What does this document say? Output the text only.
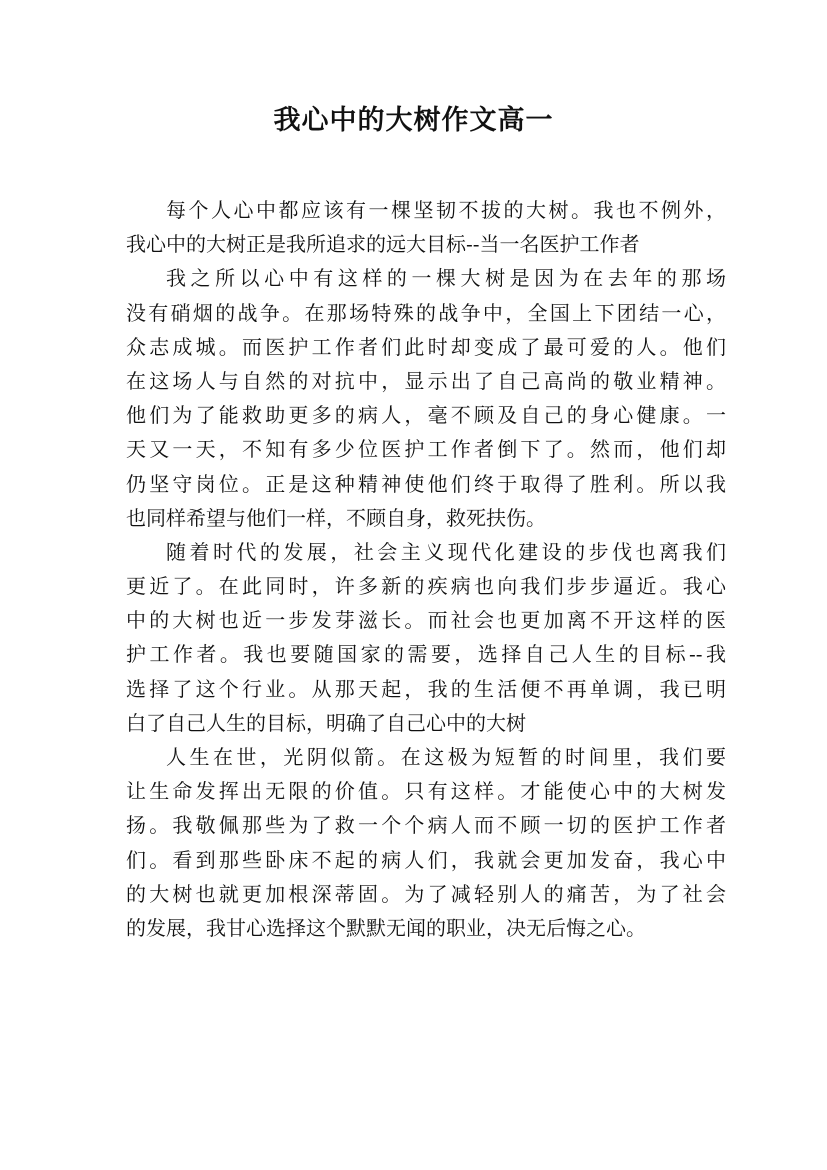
我心中的大树作文高一
每个人心中都应该有一棵坚韧不拔的大树。我也不例外，
我心中的大树正是我所追求的远大目标--当一名医护工作者
我之所以心中有这样的一棵大树是因为在去年的那场
没有硝烟的战争。在那场特殊的战争中，全国上下团结一心，
众志成城。而医护工作者们此时却变成了最可爱的人。他们
在这场人与自然的对抗中，显示出了自己高尚的敬业精神。
他们为了能救助更多的病人，毫不顾及自己的身心健康。一
天又一天，不知有多少位医护工作者倒下了。然而，他们却
仍坚守岗位。正是这种精神使他们终于取得了胜利。所以我
也同样希望与他们一样，不顾自身，救死扶伤。
随着时代的发展，社会主义现代化建设的步伐也离我们
更近了。在此同时，许多新的疾病也向我们步步逼近。我心
中的大树也近一步发芽滋长。而社会也更加离不开这样的医
护工作者。我也要随国家的需要，选择自己人生的目标--我
选择了这个行业。从那天起，我的生活便不再单调，我已明
白了自己人生的目标，明确了自己心中的大树
人生在世，光阴似箭。在这极为短暂的时间里，我们要
让生命发挥出无限的价值。只有这样。才能使心中的大树发
扬。我敬佩那些为了救一个个病人而不顾一切的医护工作者
们。看到那些卧床不起的病人们，我就会更加发奋，我心中
的大树也就更加根深蒂固。为了减轻别人的痛苦，为了社会
的发展，我甘心选择这个默默无闻的职业，决无后悔之心。
